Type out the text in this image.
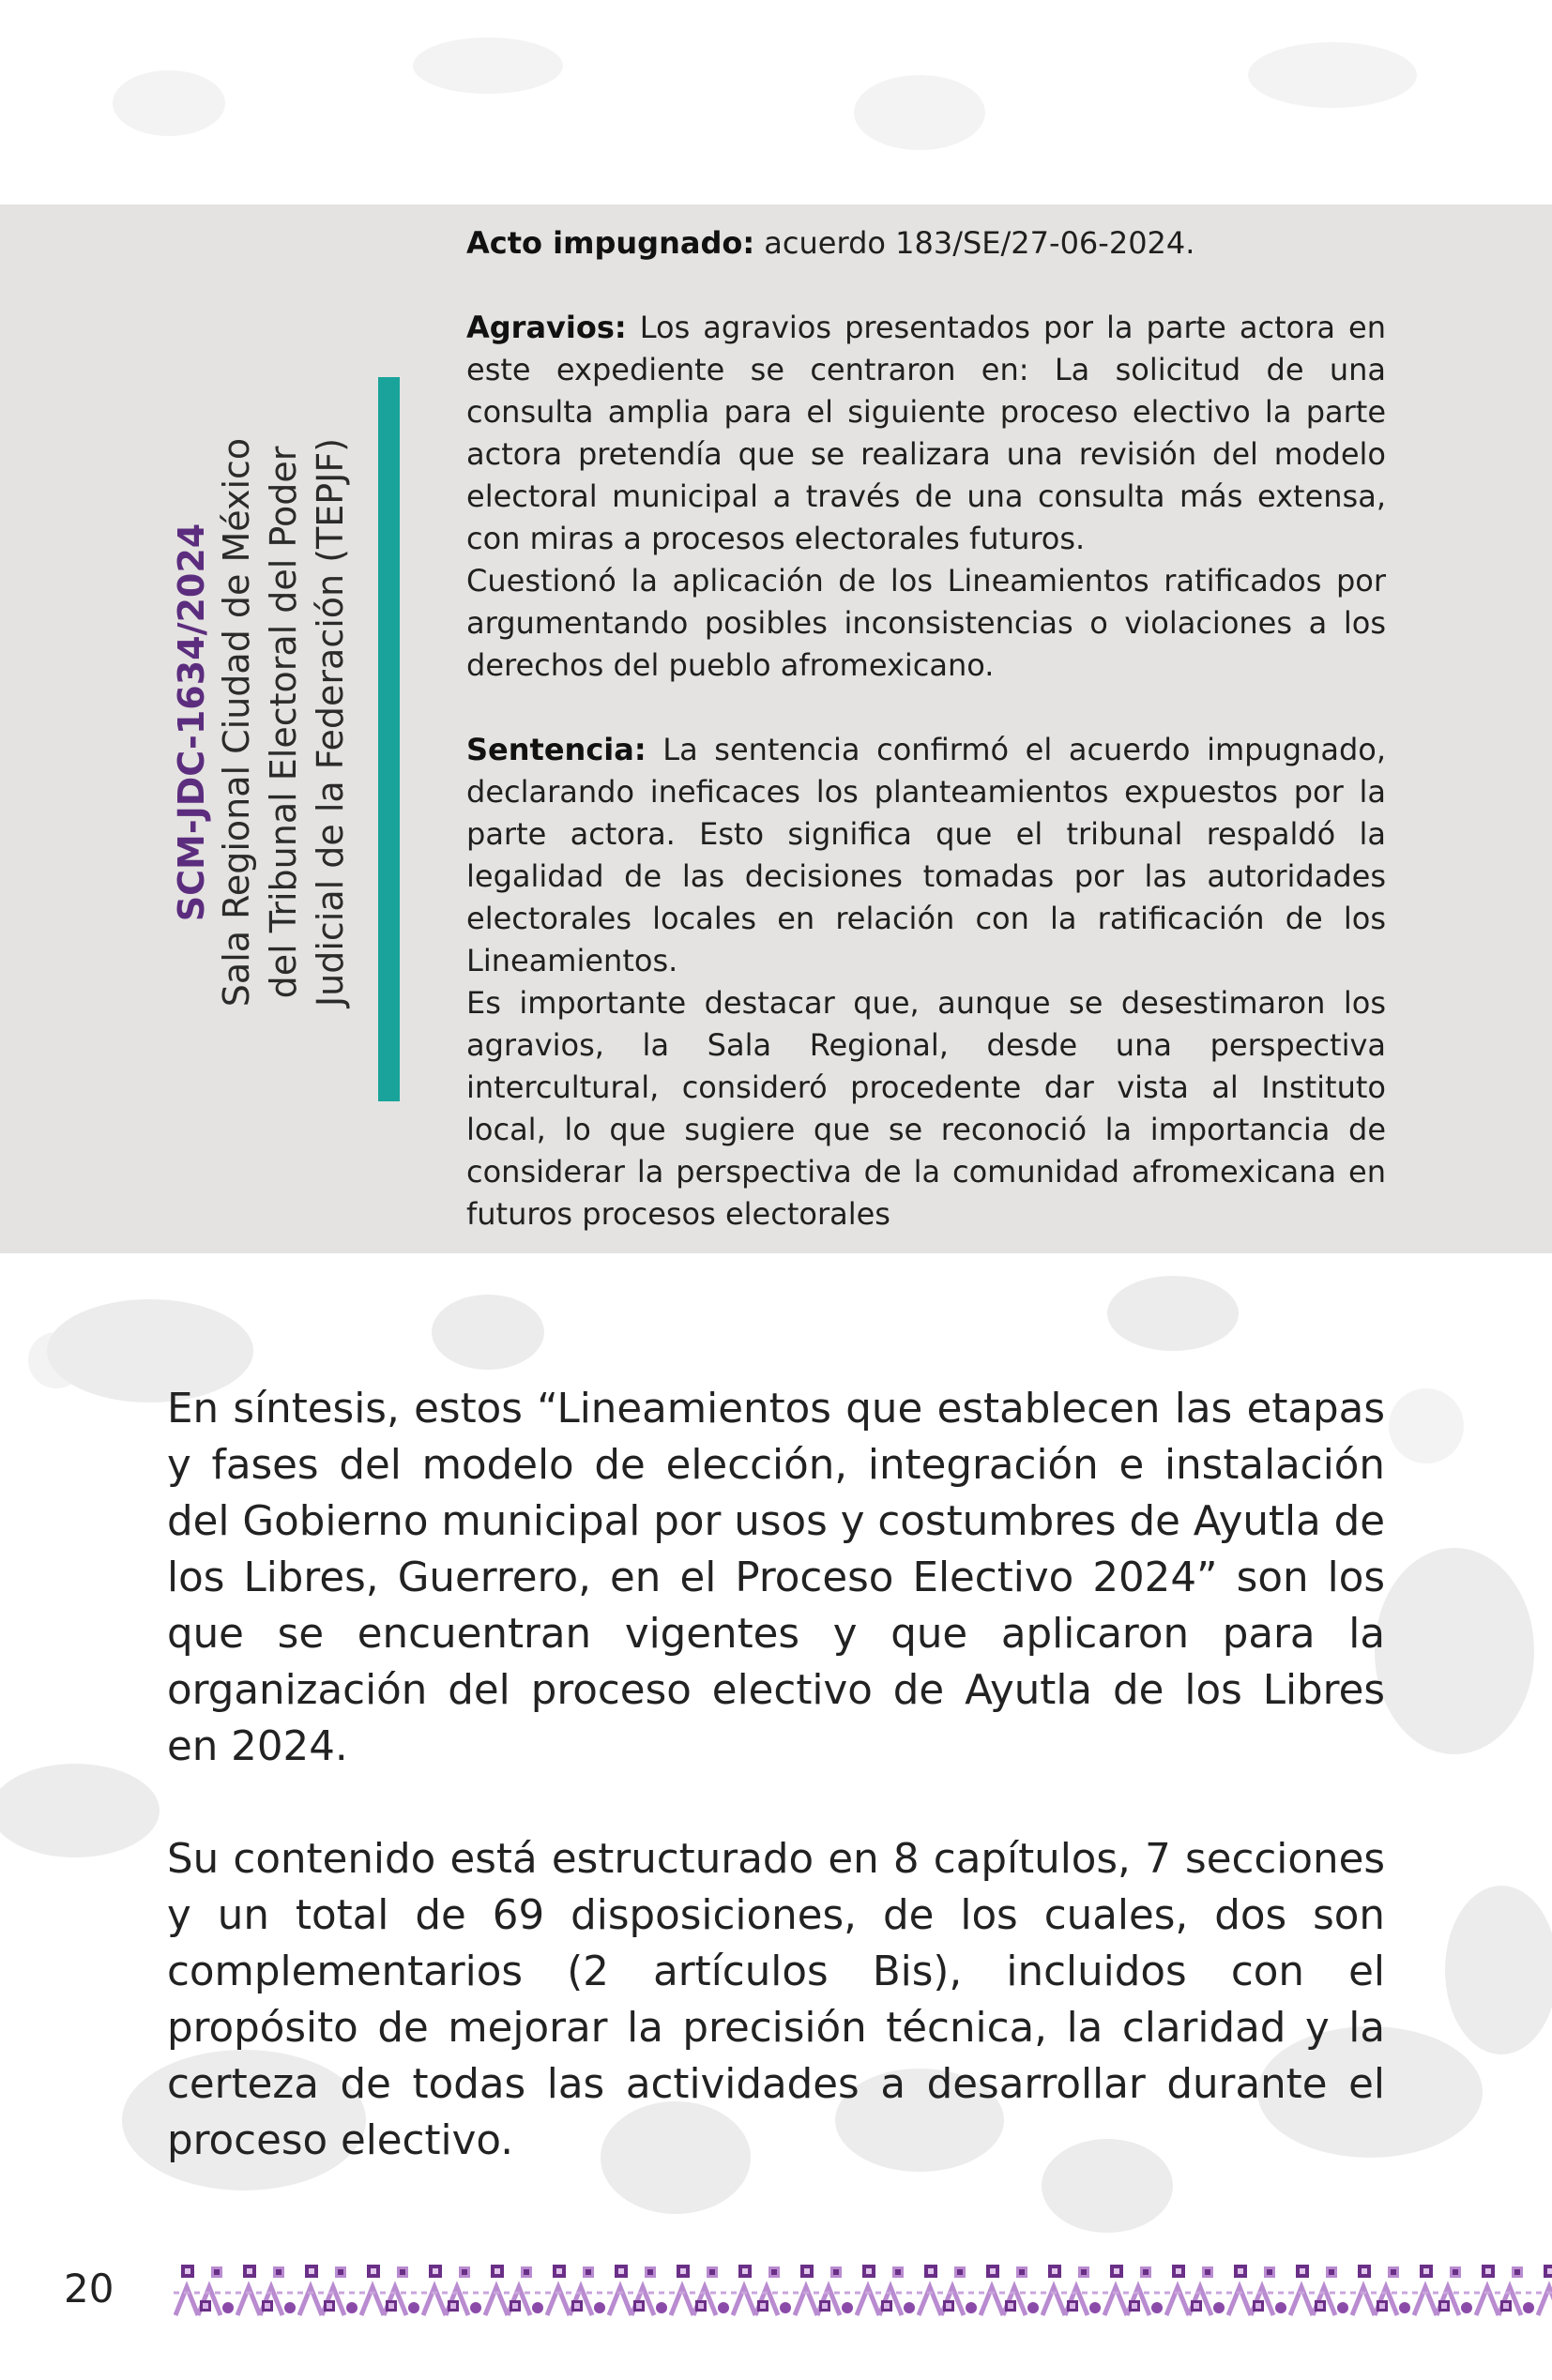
SCM-JDC-1634/2024 Sala Regional Ciudad de México del Tribunal Electoral del Poder Judicial de la Federación (TEPJF)

Acto impugnado: acuerdo 183/SE/27-06-2024.

Agravios: Los agravios presentados por la parte actora en este expediente se centraron en: La solicitud de una consulta amplia para el siguiente proceso electivo la parte actora pretendía que se realizara una revisión del modelo electoral municipal a través de una consulta más extensa, con miras a procesos electorales futuros.

Cuestionó la aplicación de los Lineamientos ratificados por argumentando posibles inconsistencias o violaciones a los derechos del pueblo afromexicano.

Sentencia: La sentencia confirmó el acuerdo impugnado, declarando ineficaces los planteamientos expuestos por la parte actora. Esto significa que el tribunal respaldó la legalidad de las decisiones tomadas por las autoridades electorales locales en relación con la ratificación de los Lineamientos.

Es importante destacar que, aunque se desestimaron los agravios, la Sala Regional, desde una perspectiva intercultural, consideró procedente dar vista al Instituto local, lo que sugiere que se reconoció la importancia de considerar la perspectiva de la comunidad afromexicana en futuros procesos electorales

En síntesis, estos “Lineamientos que establecen las etapas y fases del modelo de elección, integración e instalación del Gobierno municipal por usos y costumbres de Ayutla de los Libres, Guerrero, en el Proceso Electivo 2024” son los que se encuentran vigentes y que aplicaron para la organización del proceso electivo de Ayutla de los Libres en 2024.

Su contenido está estructurado en 8 capítulos, 7 secciones y un total de 69 disposiciones, de los cuales, dos son complementarios (2 artículos Bis), incluidos con el propósito de mejorar la precisión técnica, la claridad y la certeza de todas las actividades a desarrollar durante el proceso electivo.

20
